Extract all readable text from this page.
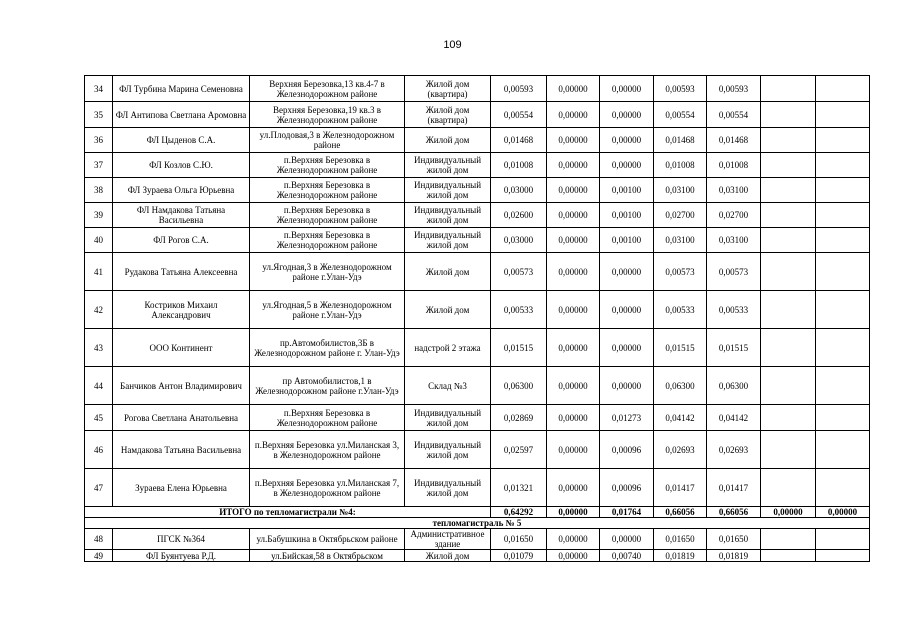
109
34	ФЛ Турбина Марина Семеновна	Верхняя Березовка,13 кв.4-7 в Железнодорожном районе	Жилой дом (квартира)	0,00593	0,00000	0,00000	0,00593	0,00593		
35	ФЛ Антипова Светлана Аромовна	Верхняя Березовка,19 кв.3 в Железнодорожном районе	Жилой дом (квартира)	0,00554	0,00000	0,00000	0,00554	0,00554		
36	ФЛ Цыденов С.А.	ул.Плодовая,3 в Железнодорожном районе	Жилой дом	0,01468	0,00000	0,00000	0,01468	0,01468		
37	ФЛ Козлов С.Ю.	п.Верхняя Березовка в Железнодорожном районе	Индивидуальный жилой дом	0,01008	0,00000	0,00000	0,01008	0,01008		
38	ФЛ Зураева Ольга Юрьевна	п.Верхняя Березовка в Железнодорожном районе	Индивидуальный жилой дом	0,03000	0,00000	0,00100	0,03100	0,03100		
39	ФЛ Намдакова Татьяна Васильевна	п.Верхняя Березовка в Железнодорожном районе	Индивидуальный жилой дом	0,02600	0,00000	0,00100	0,02700	0,02700		
40	ФЛ Рогов С.А.	п.Верхняя Березовка в Железнодорожном районе	Индивидуальный жилой дом	0,03000	0,00000	0,00100	0,03100	0,03100		
41	Рудакова Татьяна Алексеевна	ул.Ягодная,3 в Железнодорожном районе г.Улан-Удэ	Жилой дом	0,00573	0,00000	0,00000	0,00573	0,00573		
42	Костриков Михаил Александрович	ул.Ягодная,5 в Железнодорожном районе г.Улан-Удэ	Жилой дом	0,00533	0,00000	0,00000	0,00533	0,00533		
43	ООО Континент	пр.Автомобилистов,3Б в Железнодорожном районе г. Улан-Удэ	надстрой 2 этажа	0,01515	0,00000	0,00000	0,01515	0,01515		
44	Банчиков Антон Владимирович	пр Автомобилистов,1 в Железнодорожном районе г.Улан-Удэ	Склад №3	0,06300	0,00000	0,00000	0,06300	0,06300		
45	Рогова Светлана Анатольевна	п.Верхняя Березовка в Железнодорожном районе	Индивидуальный жилой дом	0,02869	0,00000	0,01273	0,04142	0,04142		
46	Намдакова Татьяна Васильевна	п.Верхняя Березовка ул.Миланская 3, в Железнодорожном районе	Индивидуальный жилой дом	0,02597	0,00000	0,00096	0,02693	0,02693		
47	Зураева Елена Юрьевна	п.Верхняя Березовка ул.Миланская 7, в Железнодорожном районе	Индивидуальный жилой дом	0,01321	0,00000	0,00096	0,01417	0,01417		
ИТОГО по тепломагистрали №4:				0,64292	0,00000	0,01764	0,66056	0,66056	0,00000	0,00000
тепломагистраль № 5										
48	ПГСК №364	ул.Бабушкина в Октябрьском районе	Административное здание	0,01650	0,00000	0,00000	0,01650	0,01650		
49	ФЛ Буянтуева Р.Д.	ул.Бийская,58 в Октябрьском	Жилой дом	0,01079	0,00000	0,00740	0,01819	0,01819		
